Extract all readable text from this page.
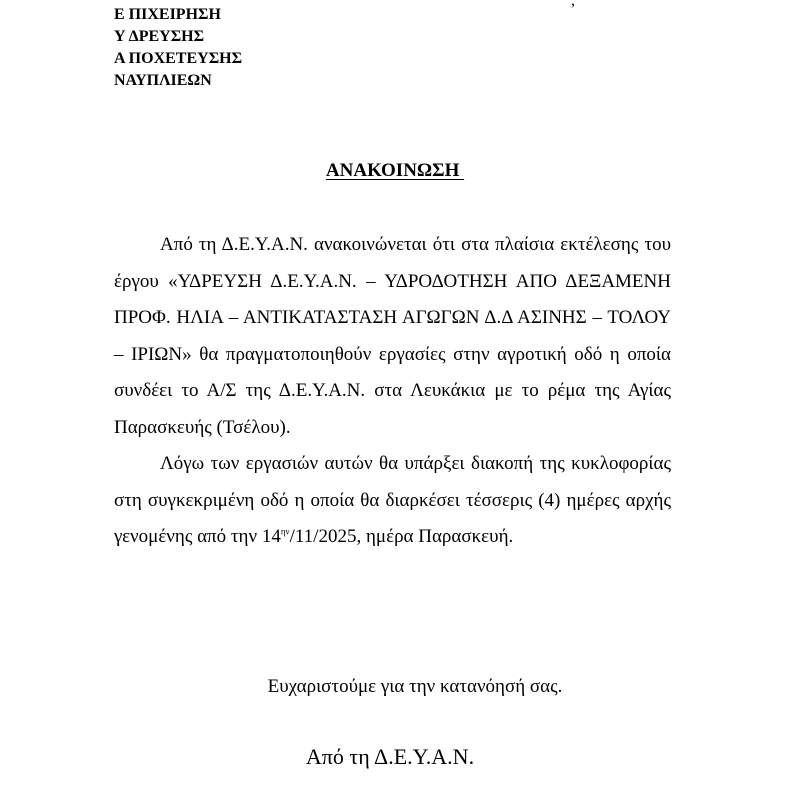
Ε ΠΙΧΕΙΡΗΣΗ
Υ ΔΡΕΥΣΗΣ
Α ΠΟΧΕΤΕΥΣΗΣ
ΝΑΥΠΛΙΕΩΝ
,
ΑΝΑΚΟΙΝΩΣΗ

Από τη Δ.Ε.Υ.Α.Ν. ανακοινώνεται ότι στα πλαίσια εκτέλεσης του έργου «ΥΔΡΕΥΣΗ Δ.Ε.Υ.Α.Ν. – ΥΔΡΟΔΟΤΗΣΗ ΑΠΟ ΔΕΞΑΜΕΝΗ ΠΡΟΦ. ΗΛΙΑ – ΑΝΤΙΚΑΤΑΣΤΑΣΗ ΑΓΩΓΩΝ Δ.Δ ΑΣΙΝΗΣ – ΤΟΛΟΥ – ΙΡΙΩΝ» θα πραγματοποιηθούν εργασίες στην αγροτική οδό η οποία συνδέει το Α/Σ της Δ.Ε.Υ.Α.Ν. στα Λευκάκια με το ρέμα της Αγίας Παρασκευής (Τσέλου).

Λόγω των εργασιών αυτών θα υπάρξει διακοπή της κυκλοφορίας στη συγκεκριμένη οδό η οποία θα διαρκέσει τέσσερις (4) ημέρες αρχής γενομένης από την $14^{\eta\nu}/11/2025$, ημέρα Παρασκευή.

Ευχαριστούμε για την κατανόησή σας.
Από τη Δ.Ε.Υ.Α.Ν.
